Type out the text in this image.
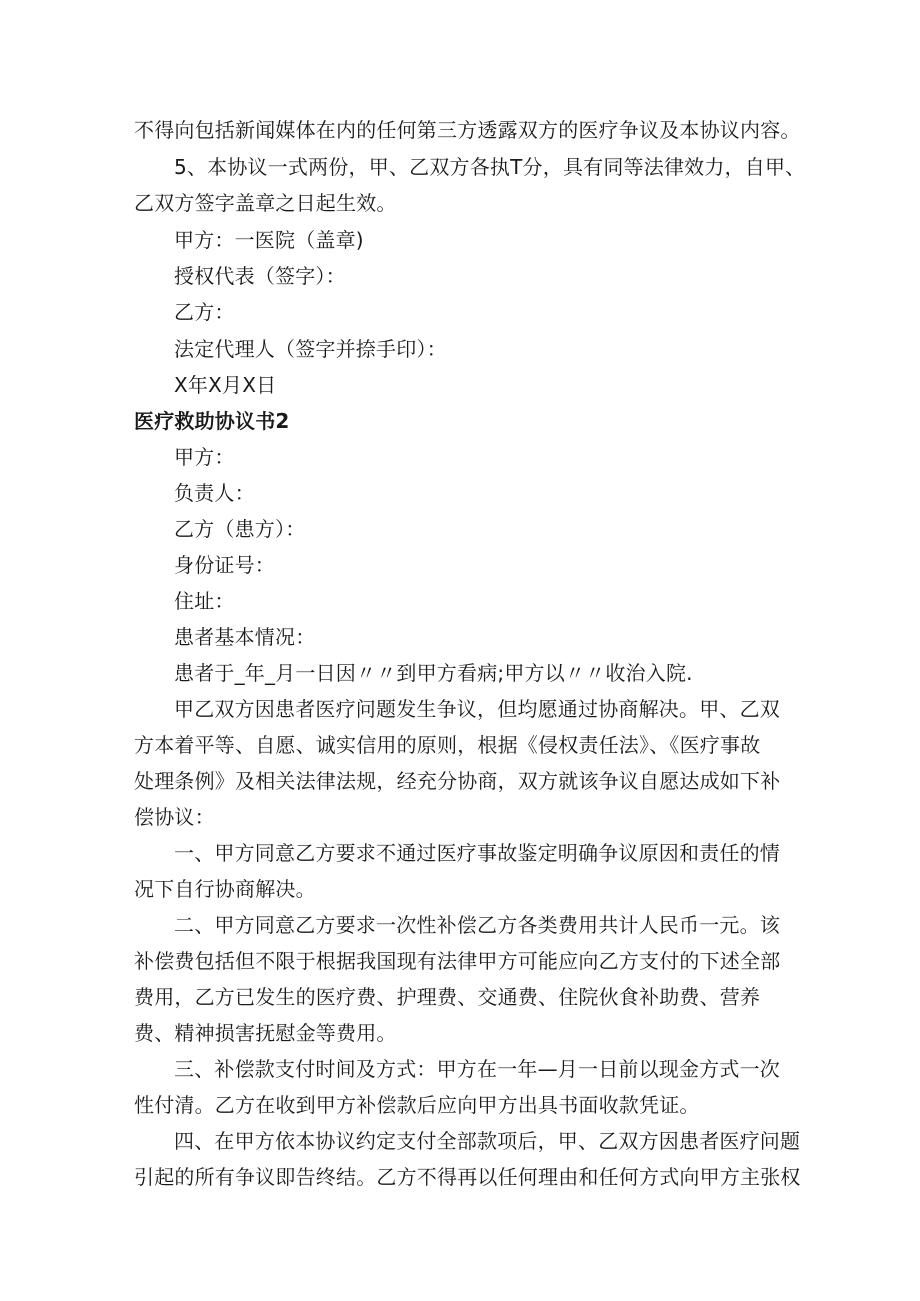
不得向包括新闻媒体在内的任何第三方透露双方的医疗争议及本协议内容。
5、本协议一式两份，甲、乙双方各执T分，具有同等法律效力，自甲、
乙双方签字盖章之日起生效。
甲方：一医院（盖章)
授权代表（签字）：
乙方：
法定代理人（签字并捺手印）：
X年X月X日
医疗救助协议书2
甲方：
负责人：
乙方（患方）：
身份证号：
住址：
患者基本情况：
患者于_年_月一日因〃〃到甲方看病;甲方以〃〃收治入院.
甲乙双方因患者医疗问题发生争议，但均愿通过协商解决。甲、乙双
方本着平等、自愿、诚实信用的原则，根据《侵权责任法》、《医疗事故
处理条例》及相关法律法规，经充分协商，双方就该争议自愿达成如下补
偿协议：
一、甲方同意乙方要求不通过医疗事故鉴定明确争议原因和责任的情
况下自行协商解决。
二、甲方同意乙方要求一次性补偿乙方各类费用共计人民币一元。该
补偿费包括但不限于根据我国现有法律甲方可能应向乙方支付的下述全部
费用，乙方已发生的医疗费、护理费、交通费、住院伙食补助费、营养
费、精神损害抚慰金等费用。
三、补偿款支付时间及方式：甲方在一年—月一日前以现金方式一次
性付清。乙方在收到甲方补偿款后应向甲方出具书面收款凭证。
四、在甲方依本协议约定支付全部款项后，甲、乙双方因患者医疗问题
引起的所有争议即告终结。乙方不得再以任何理由和任何方式向甲方主张权
